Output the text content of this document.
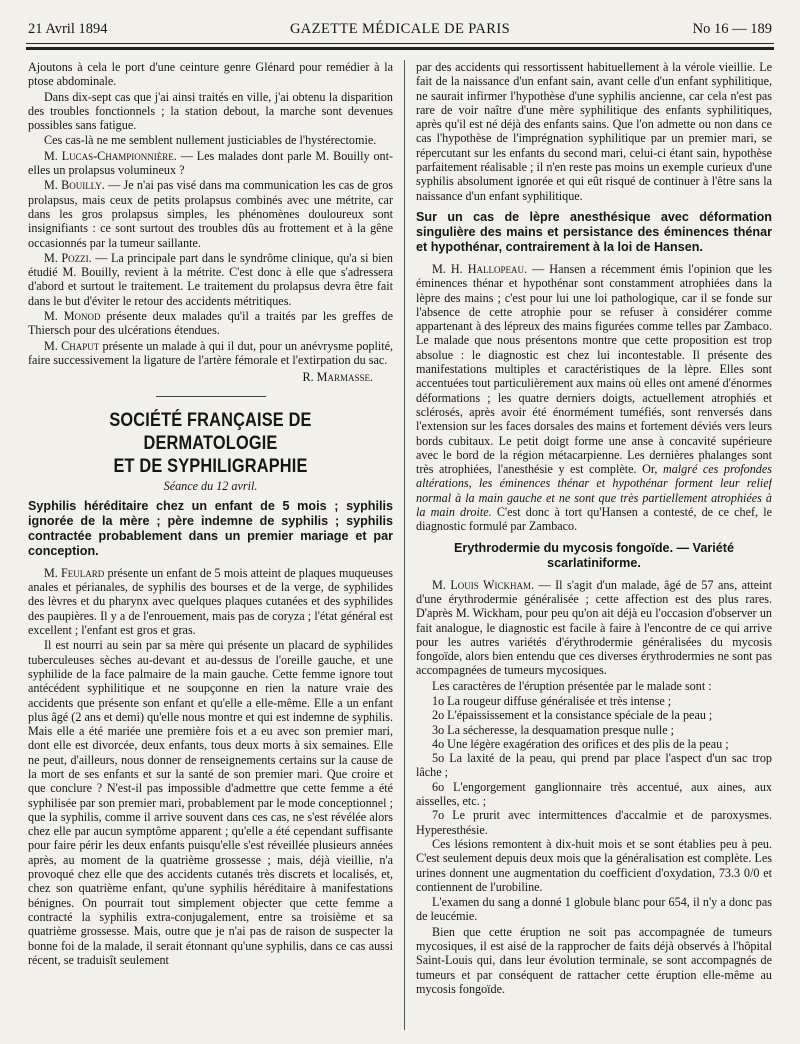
21 Avril 1894	GAZETTE MÉDICALE DE PARIS	No 16 — 189

Ajoutons à cela le port d'une ceinture genre Glénard pour remédier à la ptose abdominale.

Dans dix-sept cas que j'ai ainsi traités en ville, j'ai obtenu la disparition des troubles fonctionnels ; la station debout, la marche sont devenues possibles sans fatigue.

Ces cas-là ne me semblent nullement justiciables de l'hystérectomie.

M. Lucas-Championnière. — Les malades dont parle M. Bouilly ont-elles un prolapsus volumineux ?

M. Bouilly. — Je n'ai pas visé dans ma communication les cas de gros prolapsus, mais ceux de petits prolapsus combinés avec une métrite, car dans les gros prolapsus simples, les phénomènes douloureux sont insignifiants : ce sont surtout des troubles dûs au frottement et à la gêne occasionnés par la tumeur saillante.

M. Pozzi. — La principale part dans le syndrôme clinique, qu'a si bien étudié M. Bouilly, revient à la métrite. C'est donc à elle que s'adressera d'abord et surtout le traitement. Le traitement du prolapsus devra être fait dans le but d'éviter le retour des accidents métritiques.

M. Monod présente deux malades qu'il a traités par les greffes de Thiersch pour des ulcérations étendues.

M. Chaput présente un malade à qui il dut, pour un anévrysme poplité, faire successivement la ligature de l'artère fémorale et l'extirpation du sac.

R. Marmasse.

SOCIÉTÉ FRANÇAISE DE DERMATOLOGIE
ET DE SYPHILIGRAPHIE
Séance du 12 avril.
Syphilis héréditaire chez un enfant de 5 mois ; syphilis ignorée de la mère ; père indemne de syphilis ; syphilis contractée probablement dans un premier mariage et par conception.

M. Feulard présente un enfant de 5 mois atteint de plaques muqueuses anales et périanales, de syphilis des bourses et de la verge, de syphilides des lèvres et du pharynx avec quelques plaques cutanées et des syphilides des paupières. Il y a de l'enrouement, mais pas de coryza ; l'état général est excellent ; l'enfant est gros et gras.

Il est nourri au sein par sa mère qui présente un placard de syphilides tuberculeuses sèches au-devant et au-dessus de l'oreille gauche, et une syphilide de la face palmaire de la main gauche. Cette femme ignore tout antécédent syphilitique et ne soupçonne en rien la nature vraie des accidents que présente son enfant et qu'elle a elle-même. Elle a un enfant plus âgé (2 ans et demi) qu'elle nous montre et qui est indemne de syphilis. Mais elle a été mariée une première fois et a eu avec son premier mari, dont elle est divorcée, deux enfants, tous deux morts à six semaines. Elle ne peut, d'ailleurs, nous donner de renseignements certains sur la cause de la mort de ses enfants et sur la santé de son premier mari. Que croire et que conclure ? N'est-il pas impossible d'admettre que cette femme a été syphilisée par son premier mari, probablement par le mode conceptionnel ; que la syphilis, comme il arrive souvent dans ces cas, ne s'est révélée alors chez elle par aucun symptôme apparent ; qu'elle a été cependant suffisante pour faire périr les deux enfants puisqu'elle s'est réveillée plusieurs années après, au moment de la quatrième grossesse ; mais, déjà vieillie, n'a provoqué chez elle que des accidents cutanés très discrets et localisés, et, chez son quatrième enfant, qu'une syphilis héréditaire à manifestations bénignes. On pourrait tout simplement objecter que cette femme a contracté la syphilis extra-conjugalement, entre sa troisième et sa quatrième grossesse. Mais, outre que je n'ai pas de raison de suspecter la bonne foi de la malade, il serait étonnant qu'une syphilis, dans ce cas aussi récent, se traduisît seulement

par des accidents qui ressortissent habituellement à la vérole vieillie. Le fait de la naissance d'un enfant sain, avant celle d'un enfant syphilitique, ne saurait infirmer l'hypothèse d'une syphilis ancienne, car cela n'est pas rare de voir naître d'une mère syphilitique des enfants syphilitiques, après qu'il est né déjà des enfants sains. Que l'on admette ou non dans ce cas l'hypothèse de l'imprégnation syphilitique par un premier mari, se répercutant sur les enfants du second mari, celui-ci étant sain, hypothèse parfaitement réalisable ; il n'en reste pas moins un exemple curieux d'une syphilis absolument ignorée et qui eût risqué de continuer à l'être sans la naissance d'un enfant syphilitique.

Sur un cas de lèpre anesthésique avec déformation singulière des mains et persistance des éminences thénar et hypothénar, contrairement à la loi de Hansen.

M. H. Hallopeau. — Hansen a récemment émis l'opinion que les éminences thénar et hypothénar sont constamment atrophiées dans la lèpre des mains ; c'est pour lui une loi pathologique, car il se fonde sur l'absence de cette atrophie pour se refuser à considérer comme appartenant à des lépreux des mains figurées comme telles par Zambaco. Le malade que nous présentons montre que cette proposition est trop absolue : le diagnostic est chez lui incontestable. Il présente des manifestations multiples et caractéristiques de la lèpre. Elles sont accentuées tout particulièrement aux mains où elles ont amené d'énormes déformations ; les quatre derniers doigts, actuellement atrophiés et sclérosés, après avoir été énormément tuméfiés, sont renversés dans l'extension sur les faces dorsales des mains et fortement déviés vers leurs bords cubitaux. Le petit doigt forme une anse à concavité supérieure avec le bord de la région métacarpienne. Les dernières phalanges sont très atrophiées, l'anesthésie y est complète. Or, malgré ces profondes altérations, les éminences thénar et hypothénar forment leur relief normal à la main gauche et ne sont que très partiellement atrophiées à la main droite. C'est donc à tort qu'Hansen a contesté, de ce chef, le diagnostic formulé par Zambaco.

Erythrodermie du mycosis fongoïde. — Variété scarlatiniforme.

M. Louis Wickham. — Il s'agit d'un malade, âgé de 57 ans, atteint d'une érythrodermie généralisée ; cette affection est des plus rares. D'après M. Wickham, pour peu qu'on ait déjà eu l'occasion d'observer un fait analogue, le diagnostic est facile à faire à l'encontre de ce qui arrive pour les autres variétés d'érythrodermie généralisées du mycosis fongoïde, alors bien entendu que ces diverses érythrodermies ne sont pas accompagnées de tumeurs mycosiques.

Les caractères de l'éruption présentée par le malade sont :

1o La rougeur diffuse généralisée et très intense ;

2o L'épaississement et la consistance spéciale de la peau ;

3o La sécheresse, la desquamation presque nulle ;

4o Une légère exagération des orifices et des plis de la peau ;

5o La laxité de la peau, qui prend par place l'aspect d'un sac trop lâche ;

6o L'engorgement ganglionnaire très accentué, aux aines, aux aisselles, etc. ;

7o Le prurit avec intermittences d'accalmie et de paroxysmes. Hyperesthésie.

Ces lésions remontent à dix-huit mois et se sont établies peu à peu. C'est seulement depuis deux mois que la généralisation est complète. Les urines donnent une augmentation du coefficient d'oxydation, 73.3 0/0 et contiennent de l'urobiline.

L'examen du sang a donné 1 globule blanc pour 654, il n'y a donc pas de leucémie.

Bien que cette éruption ne soit pas accompagnée de tumeurs mycosiques, il est aisé de la rapprocher de faits déjà observés à l'hôpital Saint-Louis qui, dans leur évolution terminale, se sont accompagnés de tumeurs et par conséquent de rattacher cette éruption elle-même au mycosis fongoïde.
